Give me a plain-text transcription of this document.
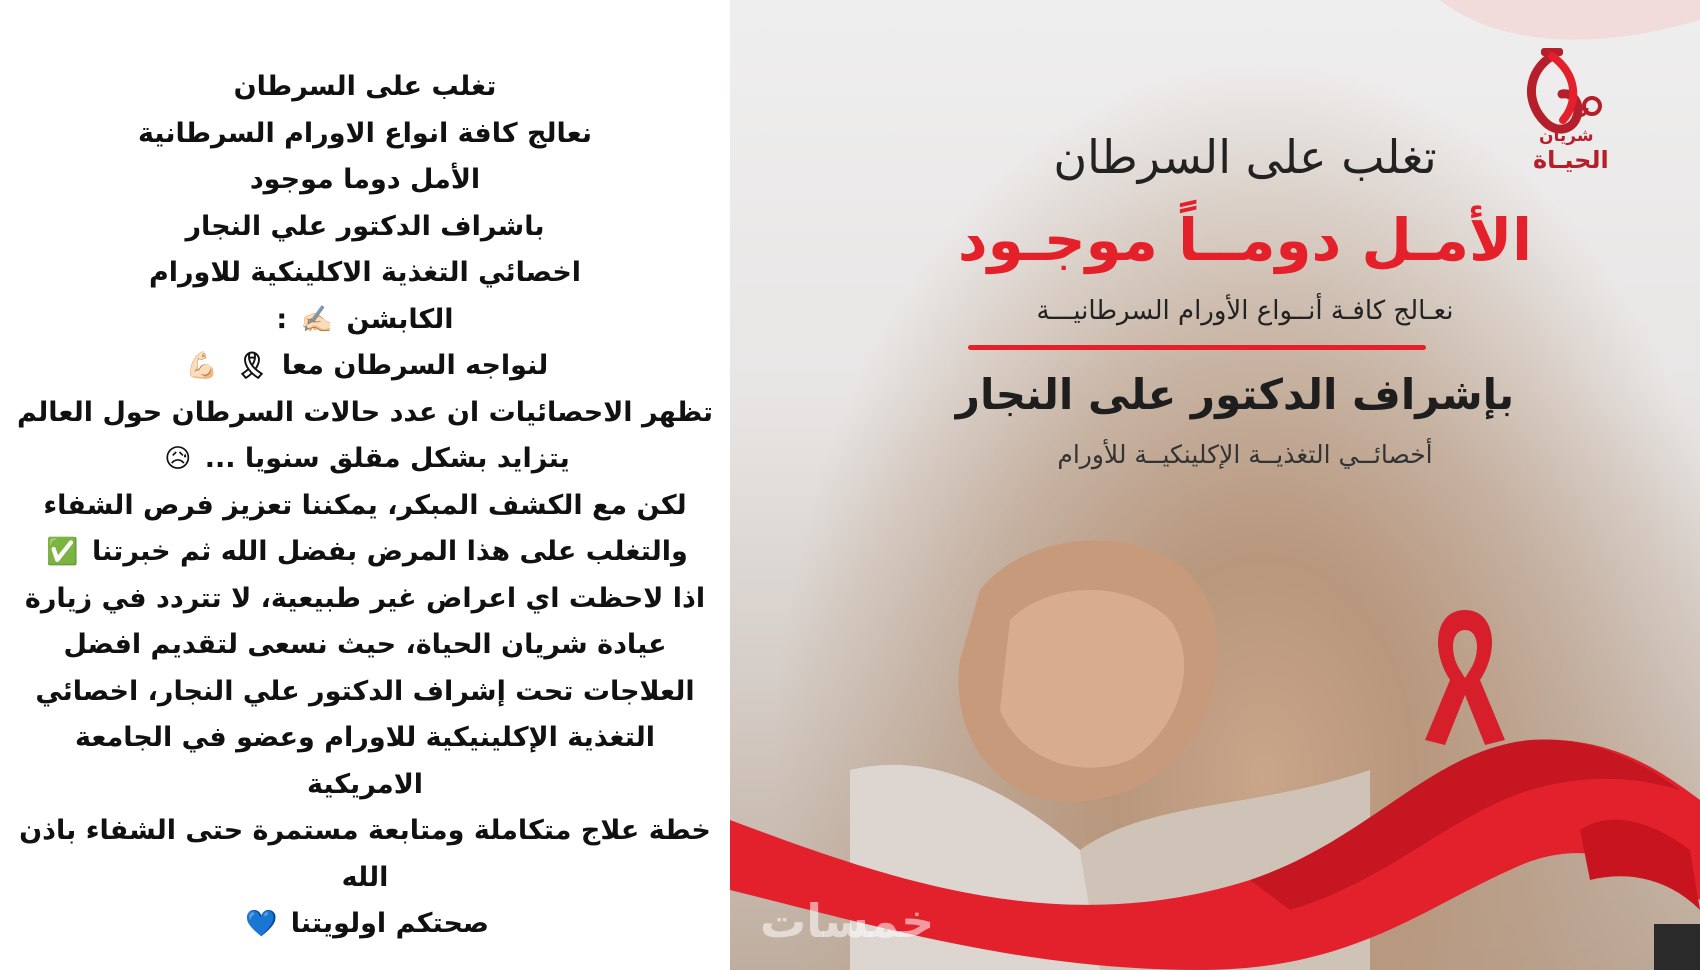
تغلب على السرطان
نعالج كافة انواع الاورام السرطانية
الأمل دوما موجود
باشراف الدكتور علي النجار
اخصائي التغذية الاكلينكية للاورام
الكابشن ✍🏻 :
لنواجه السرطان معا 🎗 💪🏻
تظهر الاحصائيات ان عدد حالات السرطان حول العالم
يتزايد بشكل مقلق سنويا ... 😥
لكن مع الكشف المبكر، يمكننا تعزيز فرص الشفاء
والتغلب على هذا المرض بفضل الله ثم خبرتنا ✅
اذا لاحظت اي اعراض غير طبيعية، لا تتردد في زيارة
عيادة شريان الحياة، حيث نسعى لتقديم افضل
العلاجات تحت إشراف الدكتور علي النجار، اخصائي
التغذية الإكلينيكية للاورام وعضو في الجامعة
الامريكية
خطة علاج متكاملة ومتابعة مستمرة حتى الشفاء باذن
الله
صحتكم اولويتنا 💙
شريان
الحيـاة
تغلب على السرطان
الأمـل دومــاً موجـود
نعـالج كافـة أنــواع الأورام السرطانيـــة
بإشراف الدكتور على النجار
أخصائــي التغذيــة الإكلينكيــة للأورام
خمسات
